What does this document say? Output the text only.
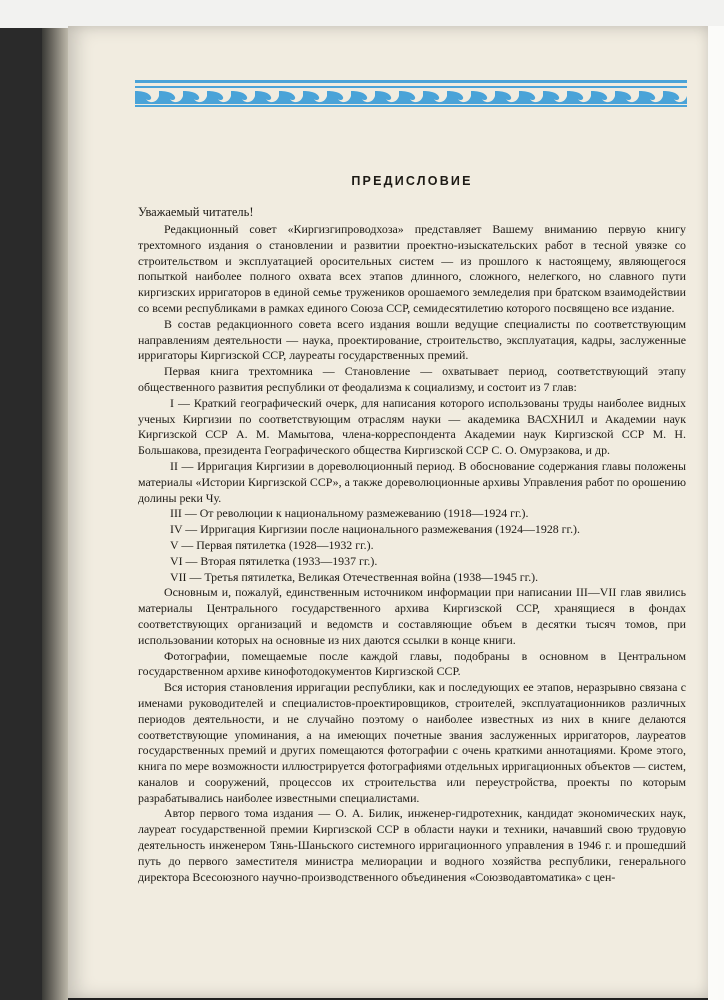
ПРЕДИСЛОВИЕ
Уважаемый читатель!

Редакционный совет «Киргизгипроводхоза» представляет Вашему вниманию первую книгу трехтомного издания о становлении и развитии проектно-изыскательских работ в тесной увязке со строительством и эксплуатацией оросительных систем — из прошлого к настоящему, являющегося попыткой наиболее полного охвата всех этапов длинного, сложного, нелегкого, но славного пути киргизских ирригаторов в единой семье тружеников орошаемого земледелия при братском взаимодействии со всеми республиками в рамках единого Союза ССР, семидесятилетию которого посвящено все издание.

В состав редакционного совета всего издания вошли ведущие специалисты по соответствующим направлениям деятельности — наука, проектирование, строительство, эксплуатация, кадры, заслуженные ирригаторы Киргизской ССР, лауреаты государственных премий.

Первая книга трехтомника — Становление — охватывает период, соответствующий этапу общественного развития республики от феодализма к социализму, и состоит из 7 глав:

I — Краткий географический очерк, для написания которого использованы труды наиболее видных ученых Киргизии по соответствующим отраслям науки — академика ВАСХНИЛ и Академии наук Киргизской ССР А. М. Мамытова, члена-корреспондента Академии наук Киргизской ССР М. Н. Большакова, президента Географического общества Киргизской ССР С. О. Омурзакова, и др.

II — Ирригация Киргизии в дореволюционный период. В обоснование содержания главы положены материалы «Истории Киргизской ССР», а также дореволюционные архивы Управления работ по орошению долины реки Чу.

III — От революции к национальному размежеванию (1918—1924 гг.).

IV — Ирригация Киргизии после национального размежевания (1924—1928 гг.).

V — Первая пятилетка (1928—1932 гг.).

VI — Вторая пятилетка (1933—1937 гг.).

VII — Третья пятилетка, Великая Отечественная война (1938—1945 гг.).

Основным и, пожалуй, единственным источником информации при написании III—VII глав явились материалы Центрального государственного архива Киргизской ССР, хранящиеся в фондах соответствующих организаций и ведомств и составляющие объем в десятки тысяч томов, при использовании которых на основные из них даются ссылки в конце книги.

Фотографии, помещаемые после каждой главы, подобраны в основном в Центральном государственном архиве кинофотодокументов Киргизской ССР.

Вся история становления ирригации республики, как и последующих ее этапов, неразрывно связана с именами руководителей и специалистов-проектировщиков, строителей, эксплуатационников различных периодов деятельности, и не случайно поэтому о наиболее известных из них в книге делаются соответствующие упоминания, а на имеющих почетные звания заслуженных ирригаторов, лауреатов государственных премий и других помещаются фотографии с очень краткими аннотациями. Кроме этого, книга по мере возможности иллюстрируется фотографиями отдельных ирригационных объектов — систем, каналов и сооружений, процессов их строительства или переустройства, проекты по которым разрабатывались наиболее известными специалистами.

Автор первого тома издания — О. А. Билик, инженер-гидротехник, кандидат экономических наук, лауреат государственной премии Киргизской ССР в области науки и техники, начавший свою трудовую деятельность инженером Тянь-Шаньского системного ирригационного управления в 1946 г. и прошедший путь до первого заместителя министра мелиорации и водного хозяйства республики, генерального директора Всесоюзного научно-производственного объединения «Союзводавтоматика» с цен-
